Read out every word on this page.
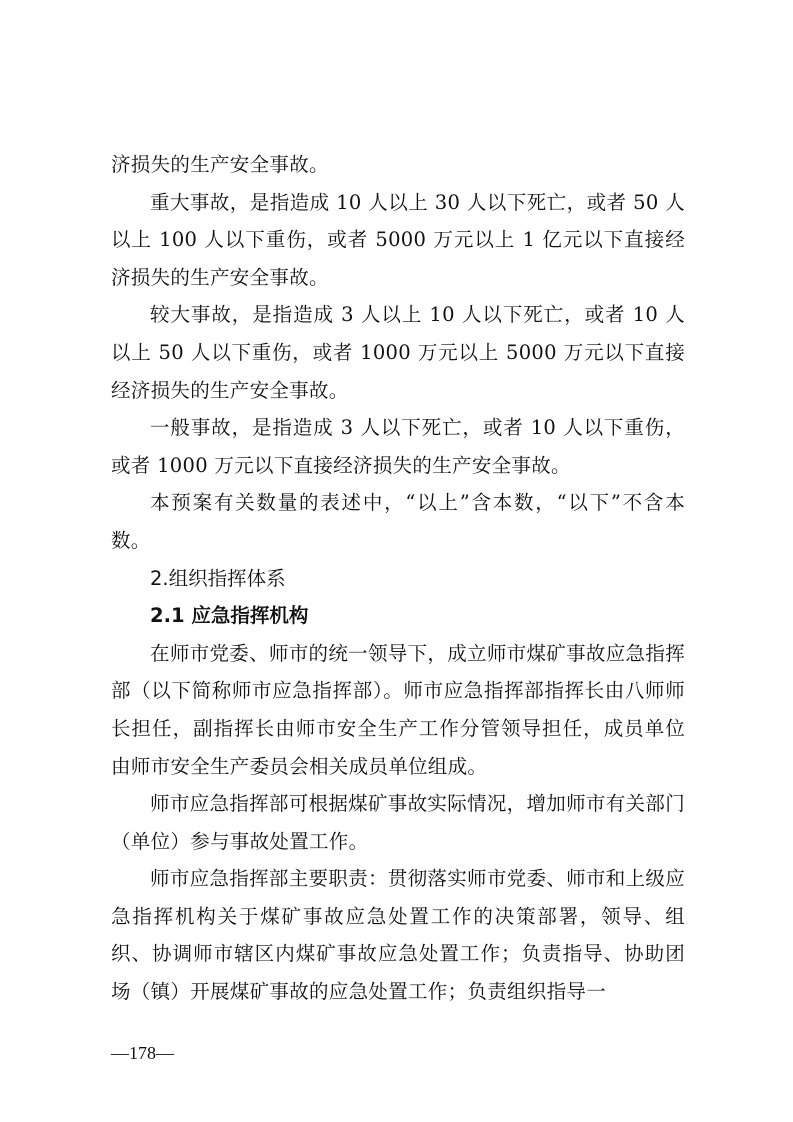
济损失的生产安全事故。

重大事故，是指造成 10 人以上 30 人以下死亡，或者 50 人以上 100 人以下重伤，或者 5000 万元以上 1 亿元以下直接经济损失的生产安全事故。

较大事故，是指造成 3 人以上 10 人以下死亡，或者 10 人以上 50 人以下重伤，或者 1000 万元以上 5000 万元以下直接经济损失的生产安全事故。

一般事故，是指造成 3 人以下死亡，或者 10 人以下重伤，或者 1000 万元以下直接经济损失的生产安全事故。

本预案有关数量的表述中，“以上”含本数，“以下”不含本数。

2.组织指挥体系

2.1 应急指挥机构

在师市党委、师市的统一领导下，成立师市煤矿事故应急指挥部（以下简称师市应急指挥部）。师市应急指挥部指挥长由八师师长担任，副指挥长由师市安全生产工作分管领导担任，成员单位由师市安全生产委员会相关成员单位组成。

师市应急指挥部可根据煤矿事故实际情况，增加师市有关部门（单位）参与事故处置工作。

师市应急指挥部主要职责：贯彻落实师市党委、师市和上级应急指挥机构关于煤矿事故应急处置工作的决策部署，领导、组织、协调师市辖区内煤矿事故应急处置工作；负责指导、协助团场（镇）开展煤矿事故的应急处置工作；负责组织指导一

—178—
